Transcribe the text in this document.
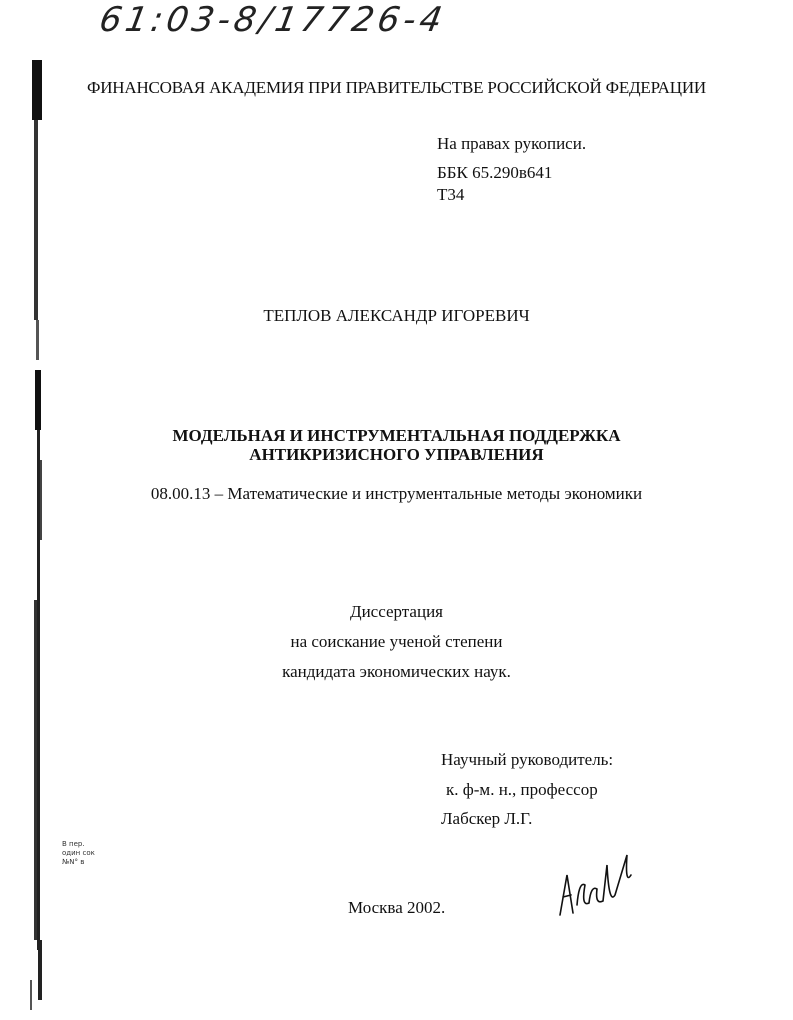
61:03-8/17726-4
ФИНАНСОВАЯ АКАДЕМИЯ ПРИ ПРАВИТЕЛЬСТВЕ РОССИЙСКОЙ ФЕДЕРАЦИИ
На правах рукописи.
ББК 65.290в641
Т34
ТЕПЛОВ АЛЕКСАНДР ИГОРЕВИЧ
МОДЕЛЬНАЯ И ИНСТРУМЕНТАЛЬНАЯ ПОДДЕРЖКА
АНТИКРИЗИСНОГО УПРАВЛЕНИЯ
08.00.13 – Математические и инструментальные методы экономики
Диссертация
на соискание ученой степени
кандидата экономических наук.
Научный руководитель:
к. ф-м. н., профессор
Лабскер Л.Г.
В пер.
один сок
№N° в
Москва 2002.
